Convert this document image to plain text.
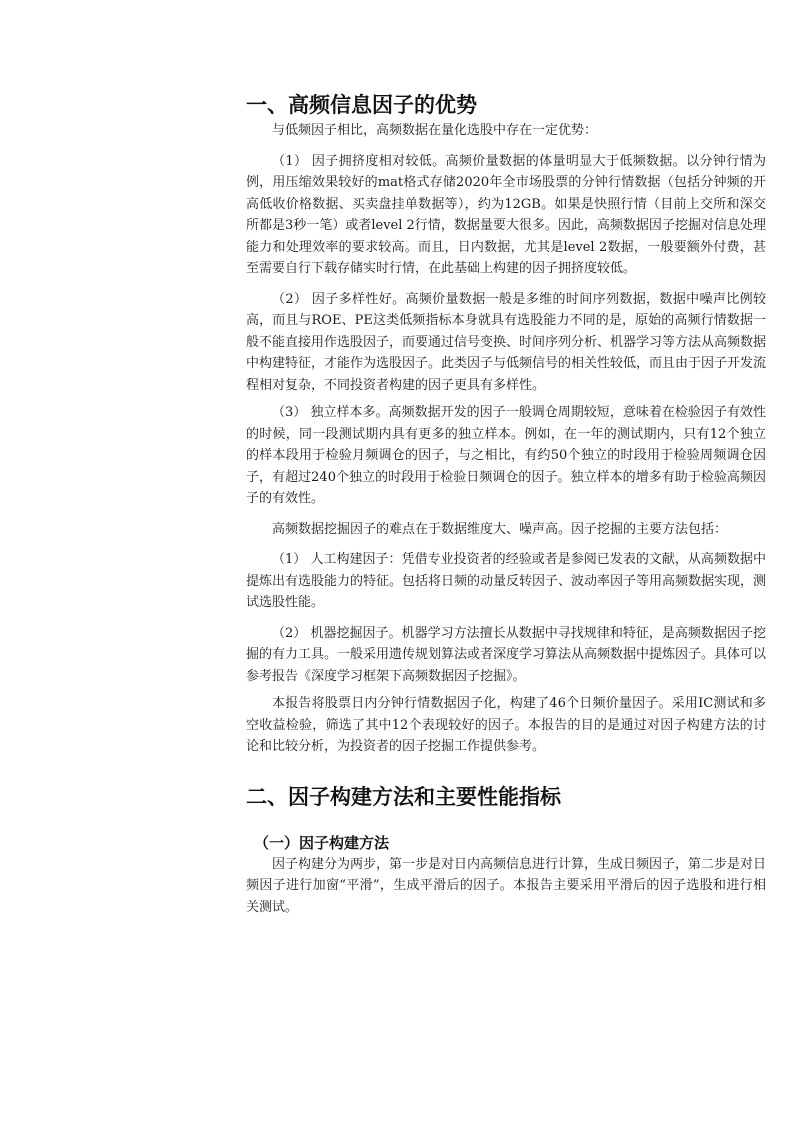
一、高频信息因子的优势

与低频因子相比，高频数据在量化选股中存在一定优势：

（1） 因子拥挤度相对较低。高频价量数据的体量明显大于低频数据。以分钟行情为例，用压缩效果较好的mat格式存储2020年全市场股票的分钟行情数据（包括分钟频的开高低收价格数据、买卖盘挂单数据等），约为12GB。如果是快照行情（目前上交所和深交所都是3秒一笔）或者level 2行情，数据量要大很多。因此，高频数据因子挖掘对信息处理能力和处理效率的要求较高。而且，日内数据，尤其是level 2数据，一般要额外付费，甚至需要自行下载存储实时行情，在此基础上构建的因子拥挤度较低。

（2） 因子多样性好。高频价量数据一般是多维的时间序列数据，数据中噪声比例较高，而且与ROE、PE这类低频指标本身就具有选股能力不同的是，原始的高频行情数据一般不能直接用作选股因子，而要通过信号变换、时间序列分析、机器学习等方法从高频数据中构建特征，才能作为选股因子。此类因子与低频信号的相关性较低，而且由于因子开发流程相对复杂，不同投资者构建的因子更具有多样性。

（3） 独立样本多。高频数据开发的因子一般调仓周期较短，意味着在检验因子有效性的时候，同一段测试期内具有更多的独立样本。例如，在一年的测试期内，只有12个独立的样本段用于检验月频调仓的因子，与之相比，有约50个独立的时段用于检验周频调仓因子，有超过240个独立的时段用于检验日频调仓的因子。独立样本的增多有助于检验高频因子的有效性。

高频数据挖掘因子的难点在于数据维度大、噪声高。因子挖掘的主要方法包括：

（1） 人工构建因子：凭借专业投资者的经验或者是参阅已发表的文献，从高频数据中提炼出有选股能力的特征。包括将日频的动量反转因子、波动率因子等用高频数据实现，测试选股性能。

（2） 机器挖掘因子。机器学习方法擅长从数据中寻找规律和特征，是高频数据因子挖掘的有力工具。一般采用遗传规划算法或者深度学习算法从高频数据中提炼因子。具体可以参考报告《深度学习框架下高频数据因子挖掘》。

本报告将股票日内分钟行情数据因子化，构建了46个日频价量因子。采用IC测试和多空收益检验，筛选了其中12个表现较好的因子。本报告的目的是通过对因子构建方法的讨论和比较分析，为投资者的因子挖掘工作提供参考。

二、因子构建方法和主要性能指标
（一）因子构建方法

因子构建分为两步，第一步是对日内高频信息进行计算，生成日频因子，第二步是对日频因子进行加窗“平滑”，生成平滑后的因子。本报告主要采用平滑后的因子选股和进行相关测试。
